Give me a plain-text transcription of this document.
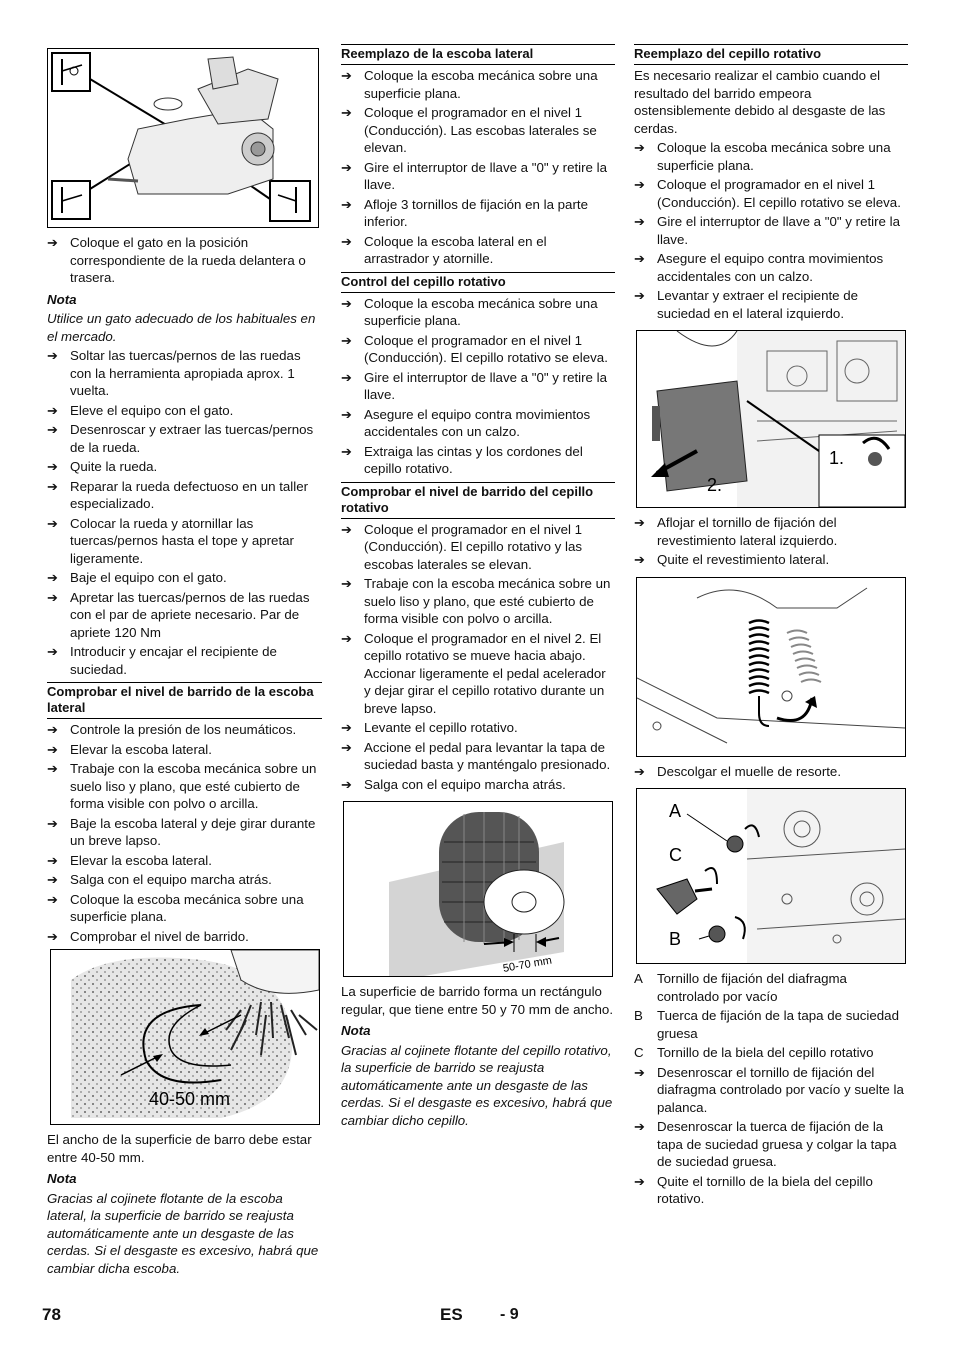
➔
Coloque el gato en la posición correspondiente de la rueda delantera o trasera.
Nota
Utilice un gato adecuado de los habituales en el mercado.
➔
Soltar las tuercas/pernos de las ruedas con la herramienta apropiada aprox. 1 vuelta.
➔
Eleve el equipo con el gato.
➔
Desenroscar y extraer las tuercas/pernos de la rueda.
➔
Quite la rueda.
➔
Reparar la rueda defectuoso en un taller especializado.
➔
Colocar la rueda y atornillar las tuercas/pernos hasta el tope y apretar ligeramente.
➔
Baje el equipo con el gato.
➔
Apretar las tuercas/pernos de las ruedas con el par de apriete necesario. Par de apriete 120 Nm
➔
Introducir y encajar el recipiente de suciedad.
Comprobar el nivel de barrido de la escoba lateral
➔
Controle la presión de los neumáticos.
➔
Elevar la escoba lateral.
➔
Trabaje con la escoba mecánica sobre un suelo liso y plano, que esté cubierto de forma visible con polvo o arcilla.
➔
Baje la escoba lateral y deje girar durante un breve lapso.
➔
Elevar la escoba lateral.
➔
Salga con el equipo marcha atrás.
➔
Coloque la escoba mecánica sobre una superficie plana.
➔
Comprobar el nivel de barrido.
40-50 mm
El ancho de la superficie de barro debe estar entre 40-50 mm.
Nota
Gracias al cojinete flotante de la escoba lateral, la superficie de barrido se reajusta automáticamente ante un desgaste de las cerdas. Si el desgaste es excesivo, habrá que cambiar dicha escoba.
Reemplazo de la escoba lateral
➔
Coloque la escoba mecánica sobre una superficie plana.
➔
Coloque el programador en el nivel 1 (Conducción). Las escobas laterales se elevan.
➔
Gire el interruptor de llave a "0" y retire la llave.
➔
Afloje 3 tornillos de fijación en la parte inferior.
➔
Coloque la escoba lateral en el arrastrador y atornille.
Control del cepillo rotativo
➔
Coloque la escoba mecánica sobre una superficie plana.
➔
Coloque el programador en el nivel 1 (Conducción). El cepillo rotativo se eleva.
➔
Gire el interruptor de llave a "0" y retire la llave.
➔
Asegure el equipo contra movimientos accidentales con un calzo.
➔
Extraiga las cintas y los cordones del cepillo rotativo.
Comprobar el nivel de barrido del cepillo rotativo
➔
Coloque el programador en el nivel 1 (Conducción). El cepillo rotativo y las escobas laterales se elevan.
➔
Trabaje con la escoba mecánica sobre un suelo liso y plano, que esté cubierto de forma visible con polvo o arcilla.
➔
Coloque el programador en el nivel 2. El cepillo rotativo se mueve hacia abajo. Accionar ligeramente el pedal acelerador y dejar girar el cepillo rotativo durante un breve lapso.
➔
Levante el cepillo rotativo.
➔
Accione el pedal para levantar la tapa de suciedad basta y manténgalo presionado.
➔
Salga con el equipo marcha atrás.
50-70 mm
La superficie de barrido forma un rectángulo regular, que tiene entre 50 y 70 mm de ancho.
Nota
Gracias al cojinete flotante del cepillo rotativo, la superficie de barrido se reajusta automáticamente ante un desgaste de las cerdas. Si el desgaste es excesivo, habrá que cambiar dicho cepillo.
Reemplazo del cepillo rotativo
Es necesario realizar el cambio cuando el resultado del barrido empeora ostensiblemente debido al desgaste de las cerdas.
➔
Coloque la escoba mecánica sobre una superficie plana.
➔
Coloque el programador en el nivel 1 (Conducción). El cepillo rotativo se eleva.
➔
Gire el interruptor de llave a "0" y retire la llave.
➔
Asegure el equipo contra movimientos accidentales con un calzo.
➔
Levantar y extraer el recipiente de suciedad en el lateral izquierdo.
2.
1.
➔
Aflojar el tornillo de fijación del revestimiento lateral izquierdo.
➔
Quite el revestimiento lateral.
➔
Descolgar el muelle de resorte.
A
C
B
A	Tornillo de fijación del diafragma controlado por vacío
B	Tuerca de fijación de la tapa de suciedad gruesa
C	Tornillo de la biela del cepillo rotativo
➔
Desenroscar el tornillo de fijación del diafragma controlado por vacío y suelte la palanca.
➔
Desenroscar la tuerca de fijación de la tapa de suciedad gruesa y colgar la tapa de suciedad gruesa.
➔
Quite el tornillo de la biela del cepillo rotativo.
78	ES - 9
